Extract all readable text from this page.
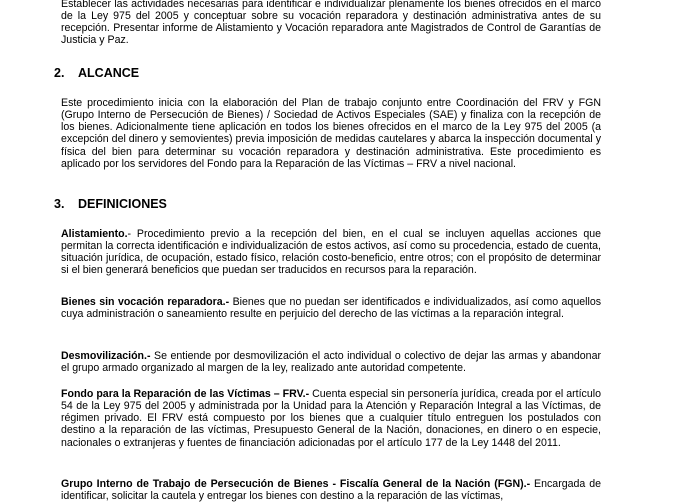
Establecer las actividades necesarias para identificar e individualizar plenamente los bienes ofrecidos en el marco de la Ley 975 del 2005 y conceptuar sobre su vocación reparadora y destinación administrativa antes de su recepción. Presentar informe de Alistamiento y Vocación reparadora ante Magistrados de Control de Garantías de Justicia y Paz.

2. ALCANCE

Este procedimiento inicia con la elaboración del Plan de trabajo conjunto entre Coordinación del FRV y FGN (Grupo Interno de Persecución de Bienes) / Sociedad de Activos Especiales (SAE) y finaliza con la recepción de los bienes. Adicionalmente tiene aplicación en todos los bienes ofrecidos en el marco de la Ley 975 del 2005 (a excepción del dinero y semovientes) previa imposición de medidas cautelares y abarca la inspección documental y física del bien para determinar su vocación reparadora y destinación administrativa. Este procedimiento es aplicado por los servidores del Fondo para la Reparación de las Víctimas – FRV a nivel nacional.

3. DEFINICIONES

Alistamiento.- Procedimiento previo a la recepción del bien, en el cual se incluyen aquellas acciones que permitan la correcta identificación e individualización de estos activos, así como su procedencia, estado de cuenta, situación jurídica, de ocupación, estado físico, relación costo-beneficio, entre otros; con el propósito de determinar si el bien generará beneficios que puedan ser traducidos en recursos para la reparación.

Bienes sin vocación reparadora.- Bienes que no puedan ser identificados e individualizados, así como aquellos cuya administración o saneamiento resulte en perjuicio del derecho de las víctimas a la reparación integral.

Desmovilización.- Se entiende por desmovilización el acto individual o colectivo de dejar las armas y abandonar el grupo armado organizado al margen de la ley, realizado ante autoridad competente.

Fondo para la Reparación de las Víctimas – FRV.- Cuenta especial sin personería jurídica, creada por el artículo 54 de la Ley 975 del 2005 y administrada por la Unidad para la Atención y Reparación Integral a las Víctimas, de régimen privado. El FRV está compuesto por los bienes que a cualquier título entreguen los postulados con destino a la reparación de las víctimas, Presupuesto General de la Nación, donaciones, en dinero o en especie, nacionales o extranjeras y fuentes de financiación adicionadas por el artículo 177 de la Ley 1448 del 2011.

Grupo Interno de Trabajo de Persecución de Bienes - Fiscalía General de la Nación (FGN).- Encargada de identificar, solicitar la cautela y entregar los bienes con destino a la reparación de las víctimas,
